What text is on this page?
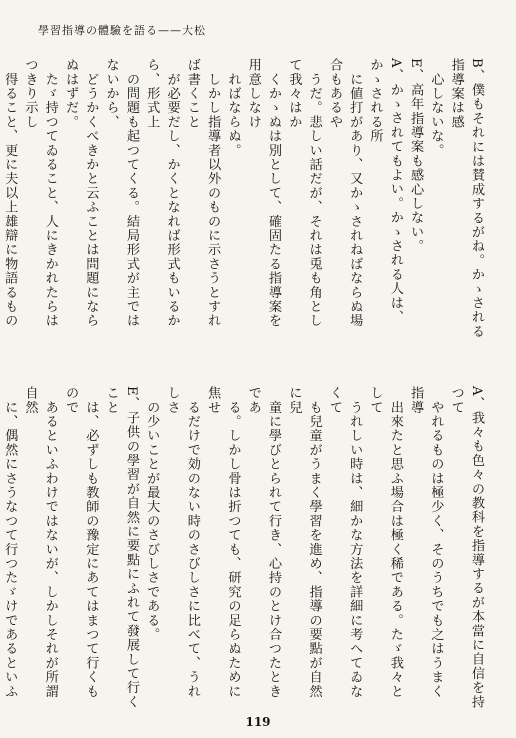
學習指導の體驗を語る——大松

B、僕もそれには賛成するがね。かゝされる指導案は感

　心しないな。

E、高年指導案も感心しない。

A、かゝされてもよい。かゝされる人は、かゝされる所

　に値打があり、又かゝされねばならぬ場合もあるや

　うだ。悲しい話だが、それは兎も角として我々はか

　くかゝぬは別として、確固たる指導案を用意しなけ

　ればならぬ。

　しかし指導者以外のものに示さうとすれば書くこと

　が必要だし、かくとなれば形式もいるから、形式上

　の問題も起つてくる。結局形式が主ではないから、

　どうかくべきかと云ふことは問題にならぬはずだ。

　たゞ持つてゐること、人にきかれたらはつきり示し

　得ること、更に夫以上雄辯に物語るもの

A、我々も色々の教科を指導するが本當に自信を持つて

　やれるものは極少く、そのうちでも之はうまく指導

　出來たと思ふ場合は極く稀である。たゞ我々として

　うれしい時は、細かな方法を詳細に考へてゐなくて

　も兒童がうまく學習を進め、指導の要點が自然に兒

　童に學びとられて行き、心持のとけ合つたときであ

　る。しかし骨は折つても、研究の足らぬために焦せ

　るだけで効のない時のさびしさに比べて、うれしさ

　の少いことが最大のさびしさである。

E、子供の學習が自然に要點にふれて發展して行くこと

　は、必ずしも教師の豫定にあてはまつて行くもので

　あるといふわけではないが、しかしそれが所謂自然

　に、偶然にさうなつて行つたゞけであるといふ

119
